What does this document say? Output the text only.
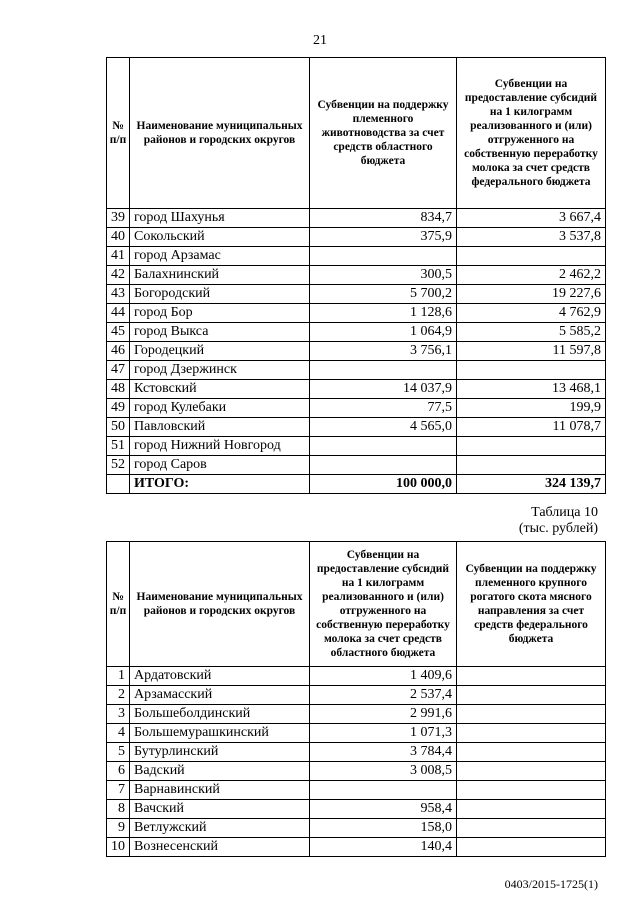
21
№ п/п	Наименование муниципальных районов и городских округов	Субвенции на поддержку племенного животноводства за счет средств областного бюджета	Субвенции на предоставление субсидий на 1 килограмм реализованного и (или) отгруженного на собственную переработку молока за счет средств федерального бюджета
39	город Шахунья	834,7	3 667,4
40	Сокольский	375,9	3 537,8
41	город Арзамас		
42	Балахнинский	300,5	2 462,2
43	Богородский	5 700,2	19 227,6
44	город Бор	1 128,6	4 762,9
45	город Выкса	1 064,9	5 585,2
46	Городецкий	3 756,1	11 597,8
47	город Дзержинск		
48	Кстовский	14 037,9	13 468,1
49	город Кулебаки	77,5	199,9
50	Павловский	4 565,0	11 078,7
51	город Нижний Новгород		
52	город Саров		
	ИТОГО:	100 000,0	324 139,7
Таблица 10
(тыс. рублей)
№ п/п	Наименование муниципальных районов и городских округов	Субвенции на предоставление субсидий на 1 килограмм реализованного и (или) отгруженного на собственную переработку молока за счет средств областного бюджета	Субвенции на поддержку племенного крупного рогатого скота мясного направления за счет средств федерального бюджета
1	Ардатовский	1 409,6	
2	Арзамасский	2 537,4	
3	Большеболдинский	2 991,6	
4	Большемурашкинский	1 071,3	
5	Бутурлинский	3 784,4	
6	Вадский	3 008,5	
7	Варнавинский		
8	Вачский	958,4	
9	Ветлужский	158,0	
10	Вознесенский	140,4	
0403/2015-1725(1)
